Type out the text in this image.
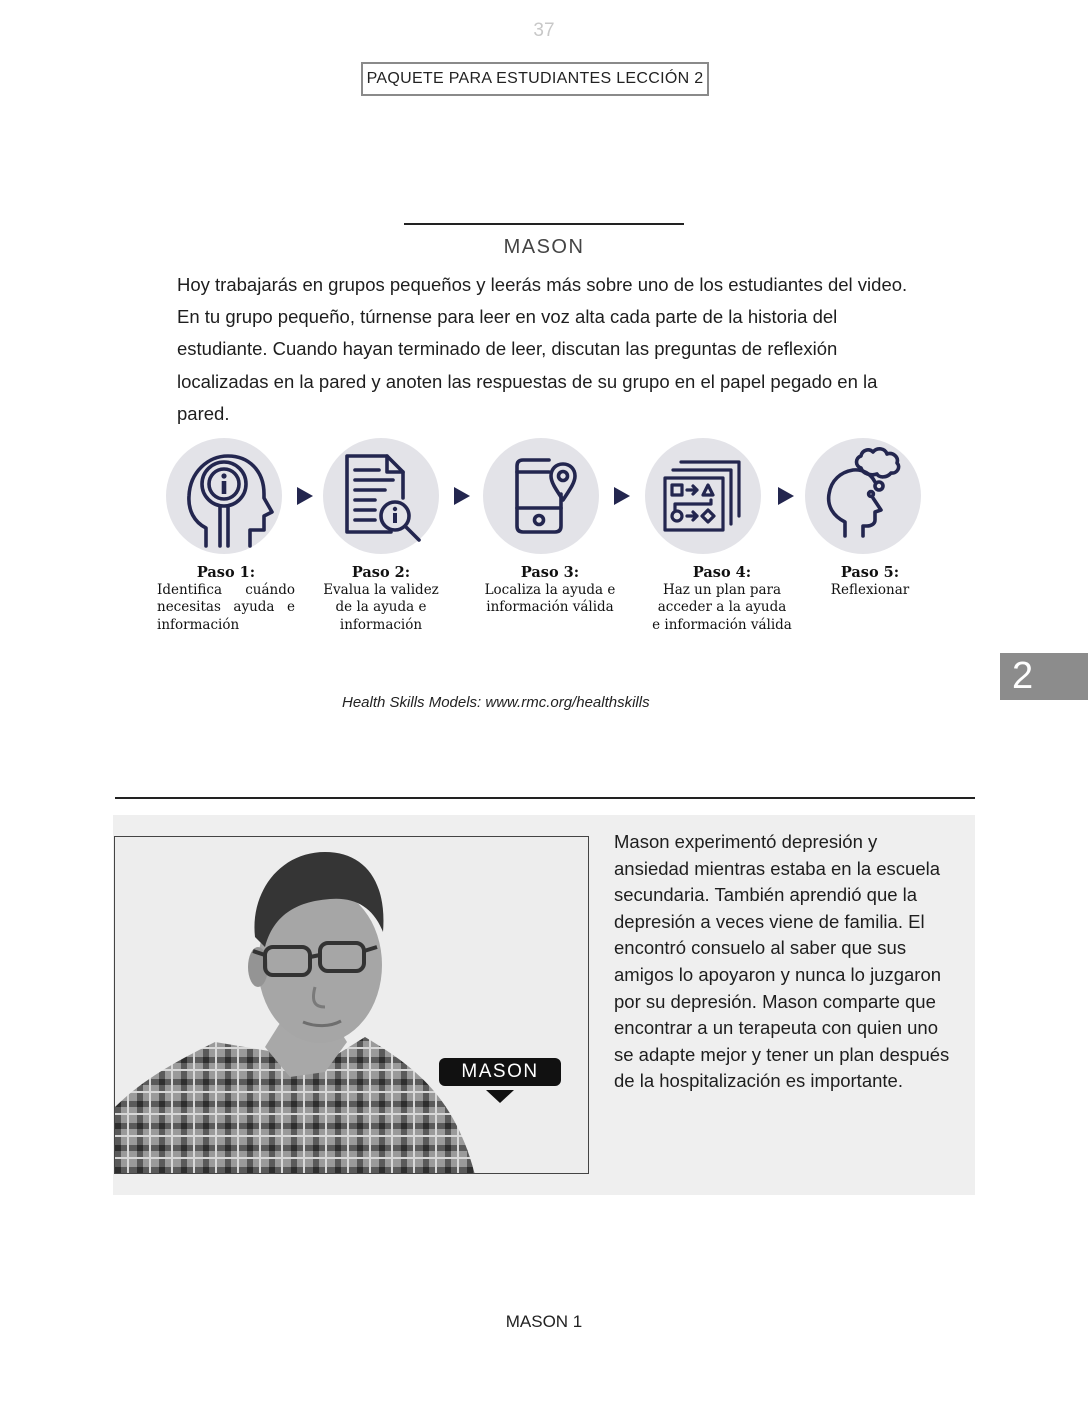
37
PAQUETE PARA ESTUDIANTES LECCIÓN 2
MASON

Hoy trabajarás en grupos pequeños y leerás más sobre uno de los estudiantes del video. En tu grupo pequeño, túrnense para leer en voz alta cada parte de la historia del estudiante. Cuando hayan terminado de leer, discutan las preguntas de reflexión localizadas en la pared y anoten las respuestas de su grupo en el papel pegado en la pared.

Paso 1:
Identifica cuándo necesitas ayuda e información
Paso 2:
Evalua la validez de la ayuda e información
Paso 3:
Localiza la ayuda e información válida
Paso 4:
Haz un plan para acceder a la ayuda e información válida
Paso 5:
Reflexionar
Health Skills Models: www.rmc.org/healthskills
2
MASON

Mason experimentó depresión y ansiedad mientras estaba en la escuela secundaria. También aprendió que la depresión a veces viene de familia. El encontró consuelo al saber que sus amigos lo apoyaron y nunca lo juzgaron por su depresión. Mason comparte que encontrar a un terapeuta con quien uno se adapte mejor y tener un plan después de la hospitalización es importante.

MASON 1
